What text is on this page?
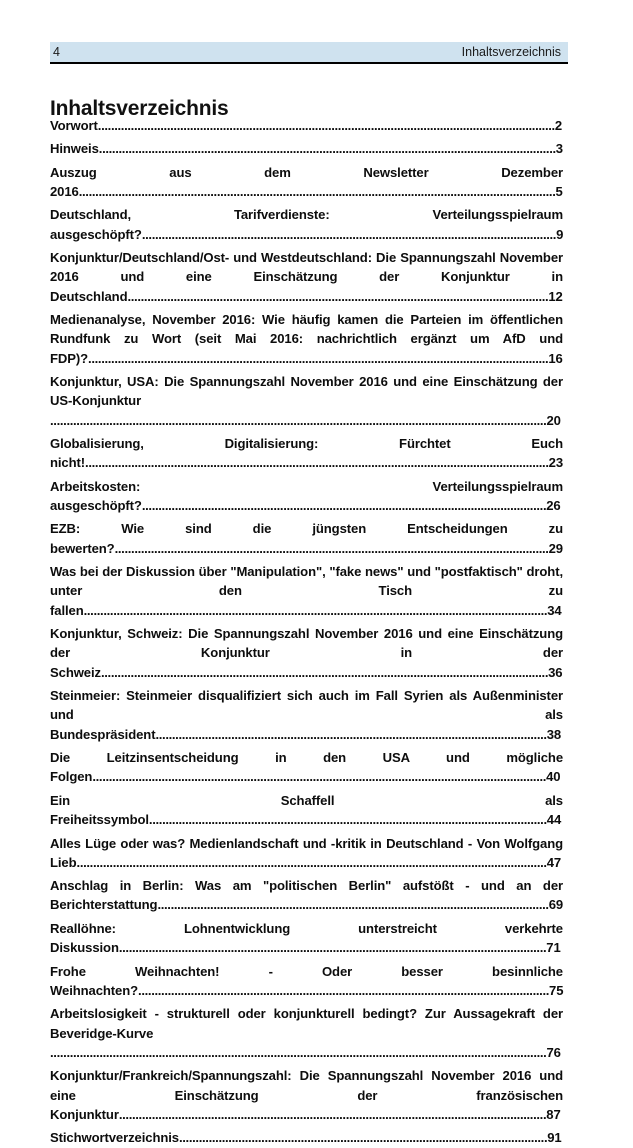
4	Inhaltsverzeichnis
Inhaltsverzeichnis
Vorwort...........................................................................................................................................2
Hinweis...........................................................................................................................................3
Auszug aus dem Newsletter Dezember 2016.................................................................................................................................................5
Deutschland, Tarifverdienste: Verteilungsspielraum ausgeschöpft?..............................................................................................................................9
Konjunktur/Deutschland/Ost- und Westdeutschland: Die Spannungszahl November 2016 und eine Einschätzung der Konjunktur in Deutschland................................................................................................................................12
Medienanalyse, November 2016: Wie häufig kamen die Parteien im öffentlichen Rundfunk zu Wort (seit Mai 2016: nachrichtlich ergänzt um AfD und FDP)?............................................................................................................................................16
Konjunktur, USA: Die Spannungszahl November 2016 und eine Einschätzung der US-Konjunktur .......................................................................................................................................................20
Globalisierung, Digitalisierung: Fürchtet Euch nicht!.............................................................................................................................................23
Arbeitskosten: Verteilungsspielraum ausgeschöpft?...........................................................................................................................26
EZB: Wie sind die jüngsten Entscheidungen zu bewerten?....................................................................................................................................29
Was bei der Diskussion über "Manipulation", "fake news" und "postfaktisch" droht, unter den Tisch zu fallen.............................................................................................................................................34
Konjunktur, Schweiz: Die Spannungszahl November 2016 und eine Einschätzung der Konjunktur in der Schweiz........................................................................................................................................36
Steinmeier: Steinmeier disqualifiziert sich auch im Fall Syrien als Außenminister und als Bundespräsident.......................................................................................................................38
Die Leitzinsentscheidung in den USA und mögliche Folgen..........................................................................................................................................40
Ein Schaffell als Freiheitssymbol.........................................................................................................................44
Alles Lüge oder was? Medienlandschaft und -kritik in Deutschland - Von Wolfgang Lieb...............................................................................................................................................47
Anschlag in Berlin: Was am "politischen Berlin" aufstößt - und an der Berichterstattung.......................................................................................................................69
Reallöhne: Lohnentwicklung unterstreicht verkehrte Diskussion..................................................................................................................................71
Frohe Weihnachten! - Oder besser besinnliche Weihnachten?.............................................................................................................................75
Arbeitslosigkeit - strukturell oder konjunkturell bedingt? Zur Aussagekraft der Beveridge-Kurve .......................................................................................................................................................76
Konjunktur/Frankreich/Spannungszahl: Die Spannungszahl November 2016 und eine Einschätzung der französischen Konjunktur..................................................................................................................................87
Stichwortverzeichnis................................................................................................................91
